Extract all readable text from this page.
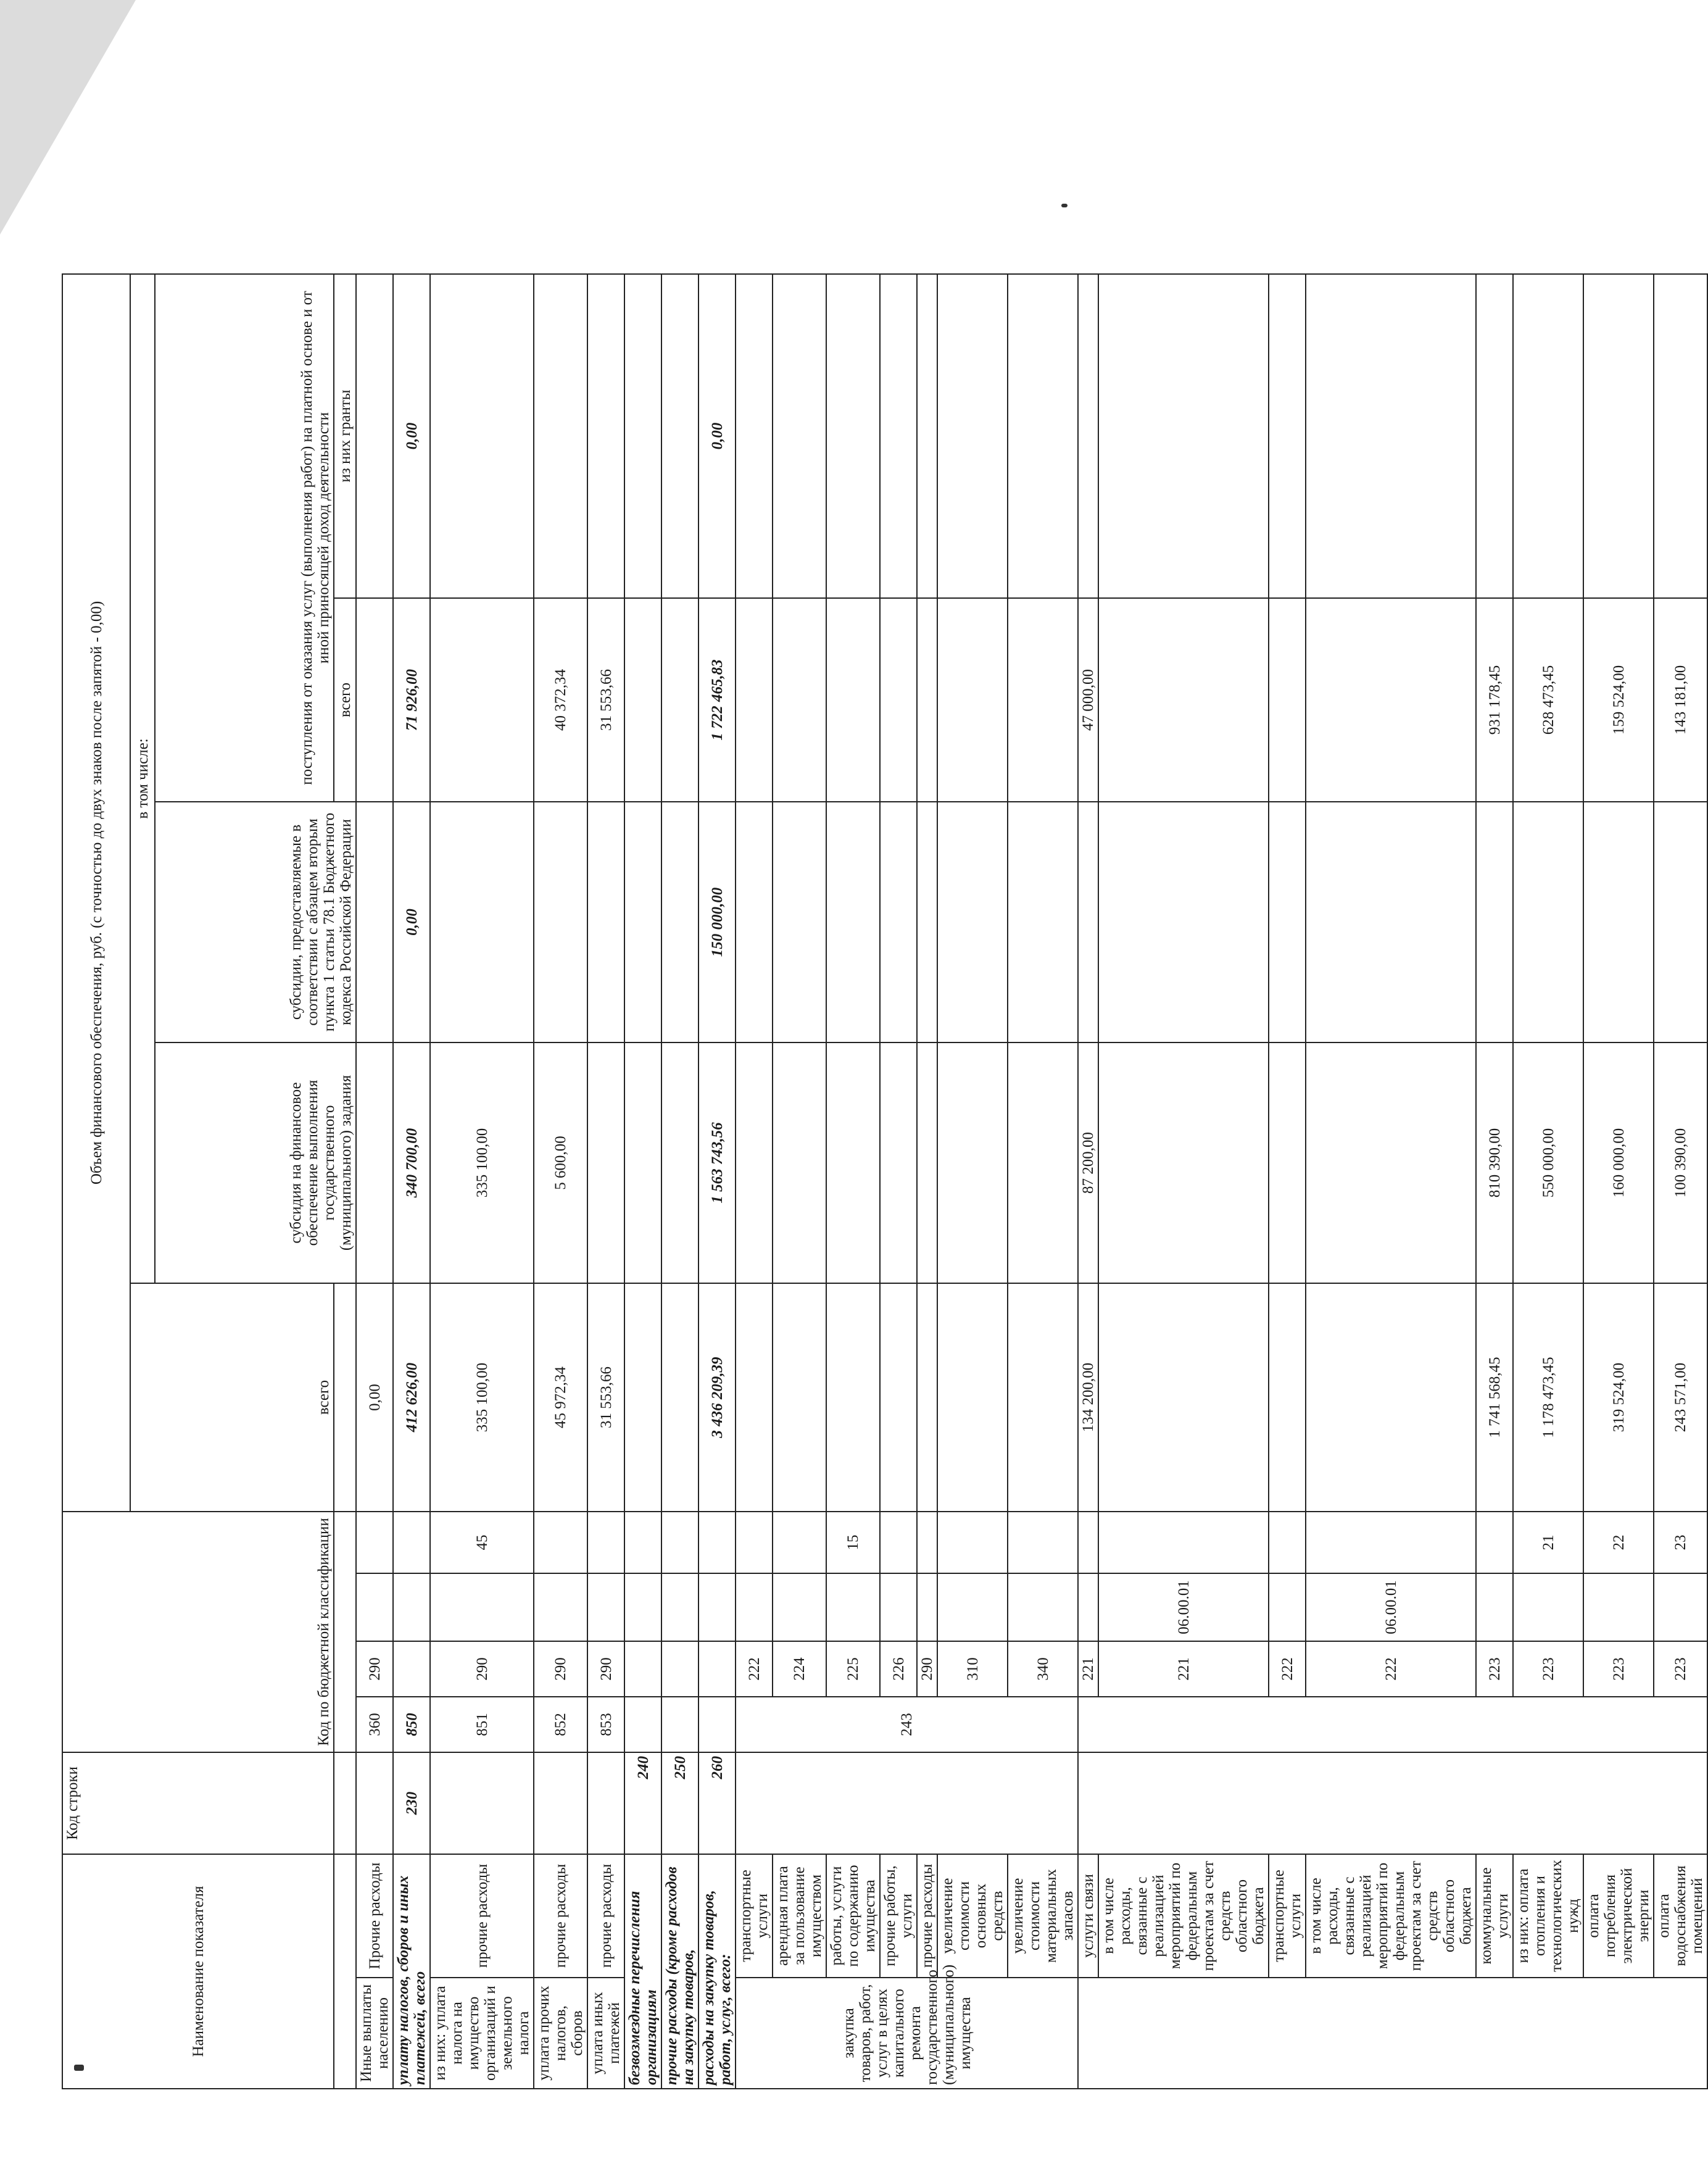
Наименование показателя		Код строки	Код по бюджетной классификации				Объем финансового обеспечения, руб. (с точностью до двух знаков после запятой - 0,00)				
							всего	в том числе:			
								субсидия на финансовое обеспечение выполнения государственного (муниципального) задания	субсидии, предоставляемые в соответствии с абзацем вторым пункта 1 статьи 78.1 Бюджетного кодекса Российской Федерации	поступления от оказания услуг (выполнения работ) на платной основе и от иной приносящей доход деятельности	
										всего	из них гранты
Иные выплаты населению	Прочие расходы		360	290			0,00				
уплату налогов, сборов и иных платежей, всего		230	850				412 626,00	340 700,00	0,00	71 926,00	0,00
из них: уплата налога на имущество организаций и земельного налога	прочие расходы		851	290		45	335 100,00	335 100,00			
уплата прочих налогов, сборов	прочие расходы		852	290			45 972,34	5 600,00		40 372,34	
уплата иных платежей	прочие расходы		853	290			31 553,66			31 553,66	
безвозмездные перечисления организациям		240									
прочие расходы (кроме расходов на закупку товаров,		250									
расходы на закупку товаров, работ, услуг, всего:		260					3 436 209,39	1 563 743,56	150 000,00	1 722 465,83	0,00
закупка товаров, работ, услуг в целях капитального ремонта государственного (муниципального) имущества	транспортные услуги		243	222							
	арендная плата за пользование имуществом			224							
	работы, услуги по содержанию имущества			225		15					
	прочие работы, услуги			226							
	прочие расходы			290							
	увеличение стоимости основных средств			310							
	увеличение стоимости материальных запасов			340							
	услуги связи			221			134 200,00	87 200,00		47 000,00	
	в том числе расходы, связанные с реализацией мероприятий по федеральным проектам за счет средств областного бюджета			221	06.00.01						
	транспортные услуги			222							
	в том числе расходы, связанные с реализацией мероприятий по федеральным проектам за счет средств областного бюджета			222	06.00.01						
	коммунальные услуги			223			1 741 568,45	810 390,00		931 178,45	
	из них: оплата отопления и технологических нужд			223		21	1 178 473,45	550 000,00		628 473,45	
	оплата потребления электрической энергии			223		22	319 524,00	160 000,00		159 524,00	
	оплата водоснабжения помещений			223		23	243 571,00	100 390,00		143 181,00	
